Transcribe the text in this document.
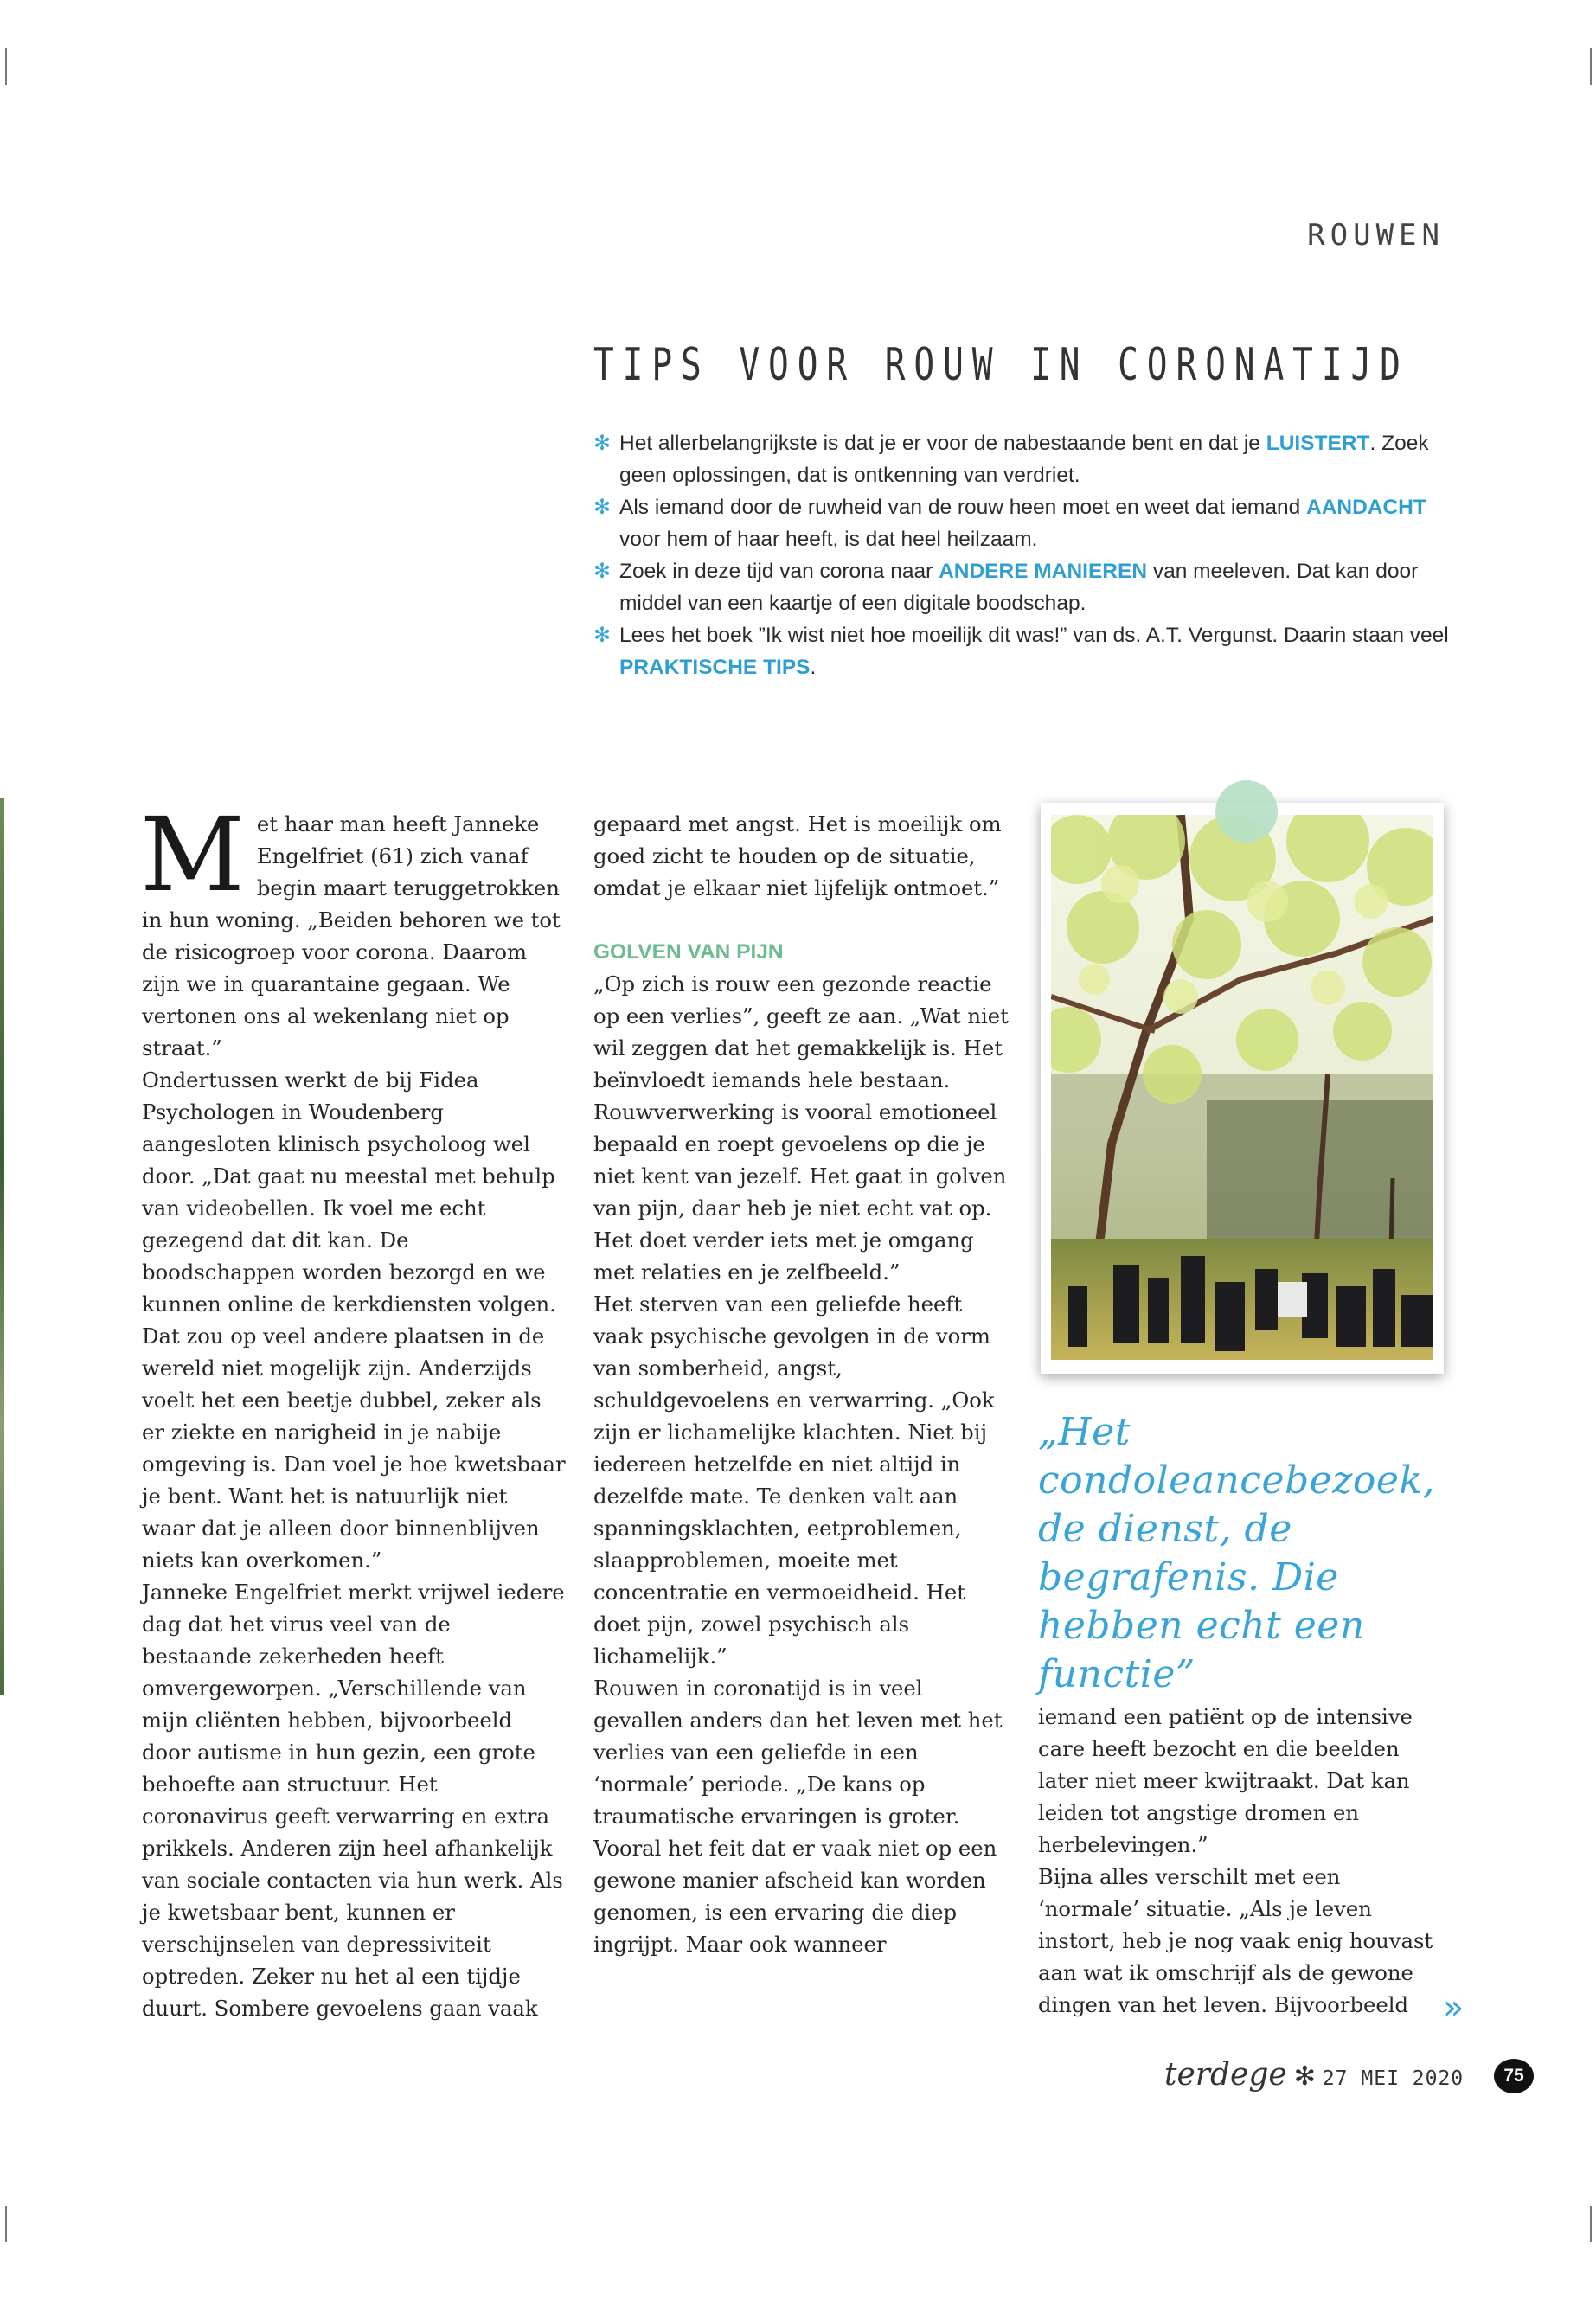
ROUWEN
TIPS VOOR ROUW IN CORONATIJD
✻ Het allerbelangrijkste is dat je er voor de nabestaande bent en dat je LUISTERT. Zoek geen oplossingen, dat is ontkenning van verdriet.
✻ Als iemand door de ruwheid van de rouw heen moet en weet dat iemand AANDACHT voor hem of haar heeft, is dat heel heilzaam.
✻ Zoek in deze tijd van corona naar ANDERE MANIEREN van meeleven. Dat kan door middel van een kaartje of een digitale boodschap.
✻ Lees het boek ”Ik wist niet hoe moeilijk dit was!” van ds. A.T. Vergunst. Daarin staan veel PRAKTISCHE TIPS.

Met haar man heeft Janneke Engelfriet (61) zich vanaf begin maart teruggetrokken in hun woning. „Beiden behoren we tot de risicogroep voor corona. Daarom zijn we in quarantaine gegaan. We vertonen ons al wekenlang niet op straat.”

Ondertussen werkt de bij Fidea Psychologen in Woudenberg aangesloten klinisch psycholoog wel door. „Dat gaat nu meestal met behulp van videobellen. Ik voel me echt gezegend dat dit kan. De boodschappen worden bezorgd en we kunnen online de kerkdiensten volgen. Dat zou op veel andere plaatsen in de wereld niet mogelijk zijn. Anderzijds voelt het een beetje dubbel, zeker als er ziekte en narigheid in je nabije omgeving is. Dan voel je hoe kwetsbaar je bent. Want het is natuurlijk niet waar dat je alleen door binnenblijven niets kan overkomen.”

Janneke Engelfriet merkt vrijwel iedere dag dat het virus veel van de bestaande zekerheden heeft omvergeworpen. „Verschillende van mijn cliënten hebben, bijvoorbeeld door autisme in hun gezin, een grote behoefte aan structuur. Het coronavirus geeft verwarring en extra prikkels. Anderen zijn heel afhankelijk van sociale contacten via hun werk. Als je kwetsbaar bent, kunnen er verschijnselen van depressiviteit optreden. Zeker nu het al een tijdje duurt. Sombere gevoelens gaan vaak

gepaard met angst. Het is moeilijk om goed zicht te houden op de situatie, omdat je elkaar niet lijfelijk ontmoet.”

GOLVEN VAN PIJN

„Op zich is rouw een gezonde reactie op een verlies”, geeft ze aan. „Wat niet wil zeggen dat het gemakkelijk is. Het beïnvloedt iemands hele bestaan. Rouwverwerking is vooral emotioneel bepaald en roept gevoelens op die je niet kent van jezelf. Het gaat in golven van pijn, daar heb je niet echt vat op. Het doet verder iets met je omgang met relaties en je zelfbeeld.”

Het sterven van een geliefde heeft vaak psychische gevolgen in de vorm van somberheid, angst, schuldgevoelens en verwarring. „Ook zijn er lichamelijke klachten. Niet bij iedereen hetzelfde en niet altijd in dezelfde mate. Te denken valt aan spanningsklachten, eetproblemen, slaapproblemen, moeite met concentratie en vermoeidheid. Het doet pijn, zowel psychisch als lichamelijk.”

Rouwen in coronatijd is in veel gevallen anders dan het leven met het verlies van een geliefde in een ‘normale’ periode. „De kans op traumatische ervaringen is groter. Vooral het feit dat er vaak niet op een gewone manier afscheid kan worden genomen, is een ervaring die diep ingrijpt. Maar ook wanneer

„Het condoleancebezoek, de dienst, de begrafenis. Die hebben echt een functie”

iemand een patiënt op de intensive care heeft bezocht en die beelden later niet meer kwijtraakt. Dat kan leiden tot angstige dromen en herbelevingen.”

Bijna alles verschilt met een ‘normale’ situatie. „Als je leven instort, heb je nog vaak enig houvast aan wat ik omschrijf als de gewone dingen van het leven. Bijvoorbeeld »
terdege ✻ 27 MEI 2020	75
